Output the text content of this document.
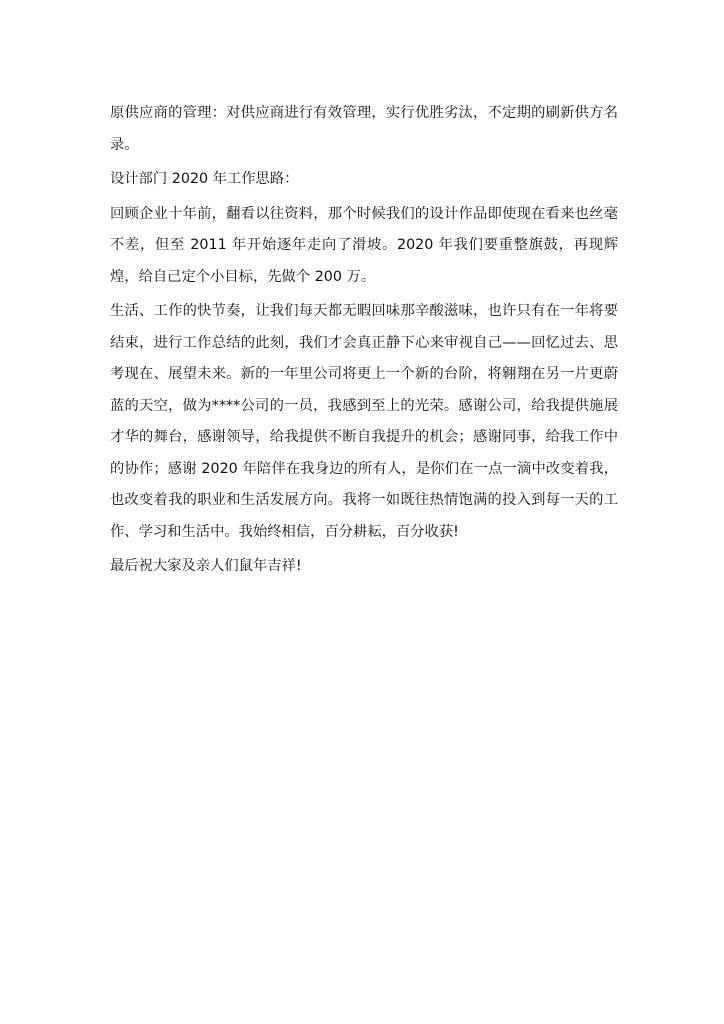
原供应商的管理：对供应商进行有效管理，实行优胜劣汰，不定期的刷新供方名录。

设计部门 2020 年工作思路：

回顾企业十年前，翻看以往资料，那个时候我们的设计作品即使现在看来也丝毫不差，但至 2011 年开始逐年走向了滑坡。2020 年我们要重整旗鼓，再现辉煌，给自己定个小目标，先做个 200 万。

生活、工作的快节奏，让我们每天都无暇回味那辛酸滋味，也许只有在一年将要结束，进行工作总结的此刻，我们才会真正静下心来审视自己——回忆过去、思考现在、展望未来。新的一年里公司将更上一个新的台阶，将翱翔在另一片更蔚蓝的天空，做为****公司的一员，我感到至上的光荣。感谢公司，给我提供施展才华的舞台，感谢领导，给我提供不断自我提升的机会；感谢同事，给我工作中的协作；感谢 2020 年陪伴在我身边的所有人，是你们在一点一滴中改变着我，也改变着我的职业和生活发展方向。我将一如既往热情饱满的投入到每一天的工作、学习和生活中。我始终相信，百分耕耘，百分收获!

最后祝大家及亲人们鼠年吉祥!
